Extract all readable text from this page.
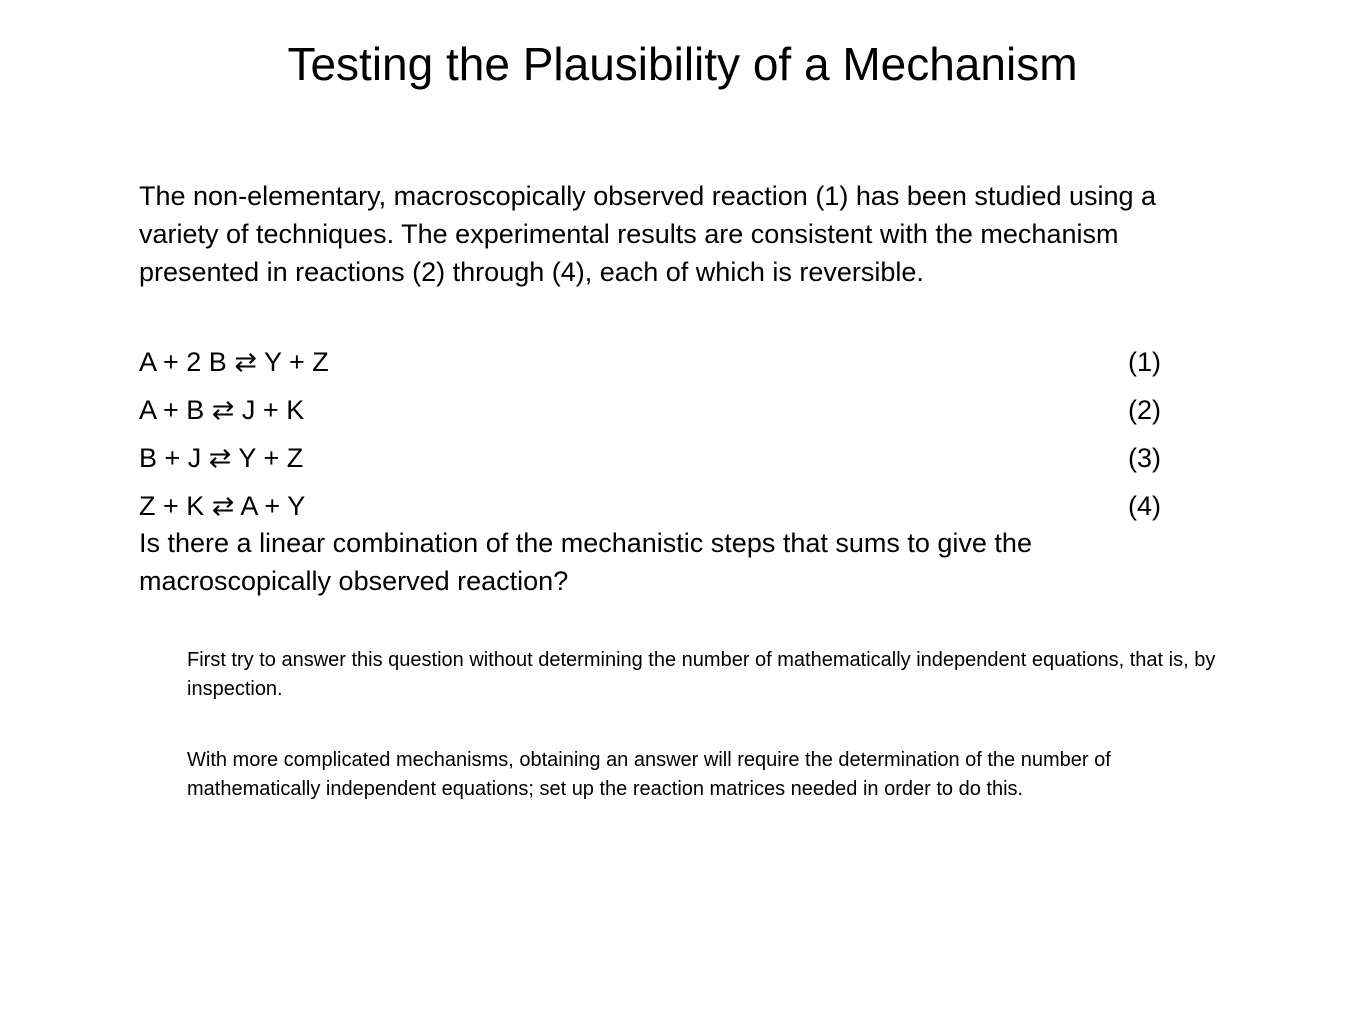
Testing the Plausibility of a Mechanism

The non-elementary, macroscopically observed reaction (1) has been studied using a variety of techniques. The experimental results are consistent with the mechanism presented in reactions (2) through (4), each of which is reversible.

A + 2 B ⇄ Y + Z	(1)
A + B ⇄ J + K	(2)
B + J ⇄ Y + Z	(3)
Z + K ⇄ A + Y	(4)

Is there a linear combination of the mechanistic steps that sums to give the macroscopically observed reaction?

First try to answer this question without determining the number of mathematically independent equations, that is, by inspection.

With more complicated mechanisms, obtaining an answer will require the determination of the number of mathematically independent equations; set up the reaction matrices needed in order to do this.
